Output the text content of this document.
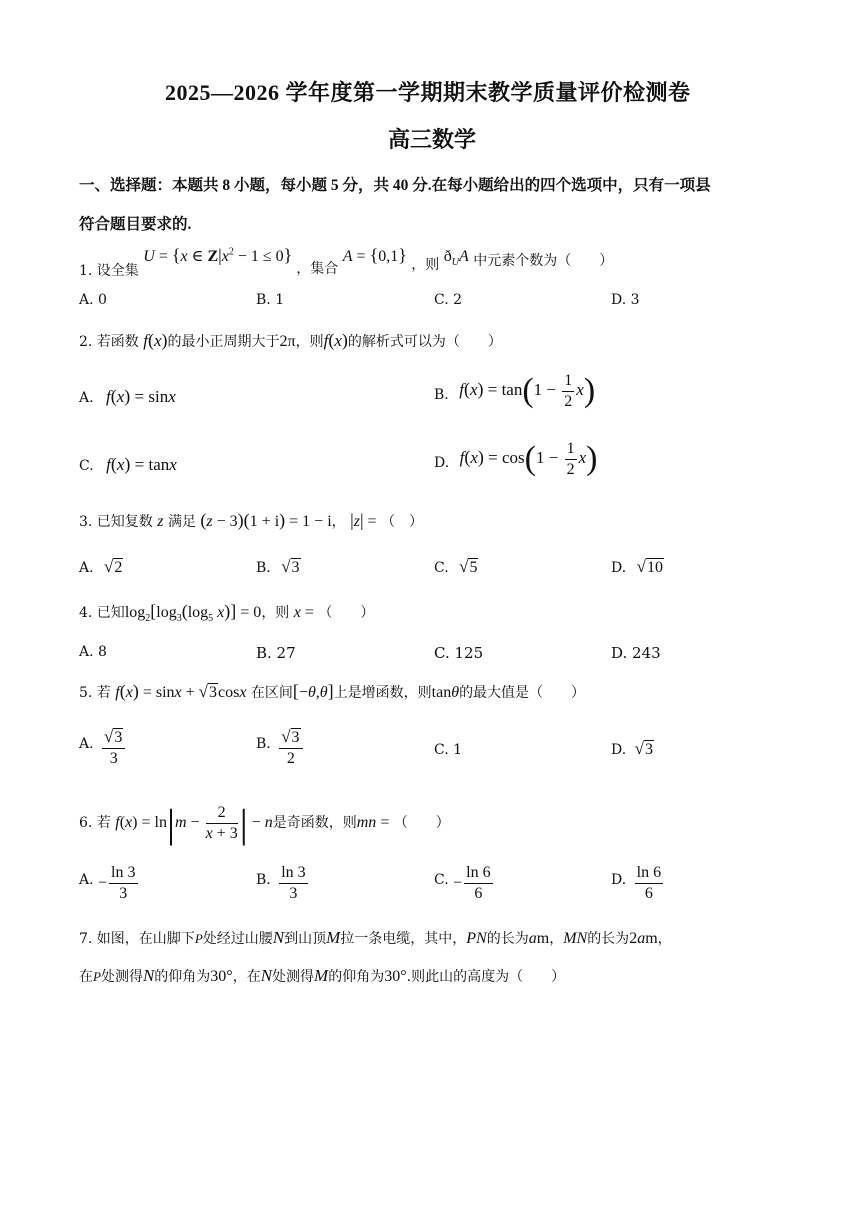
2025—2026 学年度第一学期期末教学质量评价检测卷
高三数学
一、选择题：本题共 8 小题，每小题 5 分，共 40 分.在每小题给出的四个选项中，只有一项县
符合题目要求的.
1. 设全集 U = {x ∈ $Z|x^2 - 1 \le 0$} ，集合 A = {0,1} ，则 $ð_UA$ 中元素个数为（　　）
A. 0	B. 1	C. 2	D. 3
2. 若函数 f(x)的最小正周期大于2π，则f(x)的解析式可以为（　　）
A. f(x) = sinx	B. $f(x) = \tan(1 - \frac{1}{2} x)$
C. f(x) = tanx	D. $f(x) = \cos(1 - \frac{1}{2} x)$
3. 已知复数 z 满足 (z − 3)(1 + i) = 1 − i， |z| = （　）
A. √2	B. √3	C. √5	D. √10
4. 已知$\log_2[\log_3(\log_5$ x)] = 0，则 x = （　　）
A. 8	B. 27	C. 125	D. 243
5. 若 f(x) = sinx + √3cosx 在区间[−θ,θ]上是增函数，则tanθ的最大值是（　　）
A. $\frac{√3}{3}$	B. $\frac{√3}{2}$	C. 1	D. √3
6. 若 $f(x) = \ln|m - \frac{2}{x + 3}$ | − n是奇函数，则mn = （　　）
A. − $\frac{\ln 3}{3}$	B. $\frac{\ln 3}{3}$	C. − $\frac{\ln 6}{6}$	D. $\frac{\ln 6}{6}$
7. 如图，在山脚下P处经过山腰N到山顶M拉一条电缆，其中，PN的长为am，MN的长为2am，
在P处测得N的仰角为30°，在N处测得M的仰角为30°.则此山的高度为（　　）
